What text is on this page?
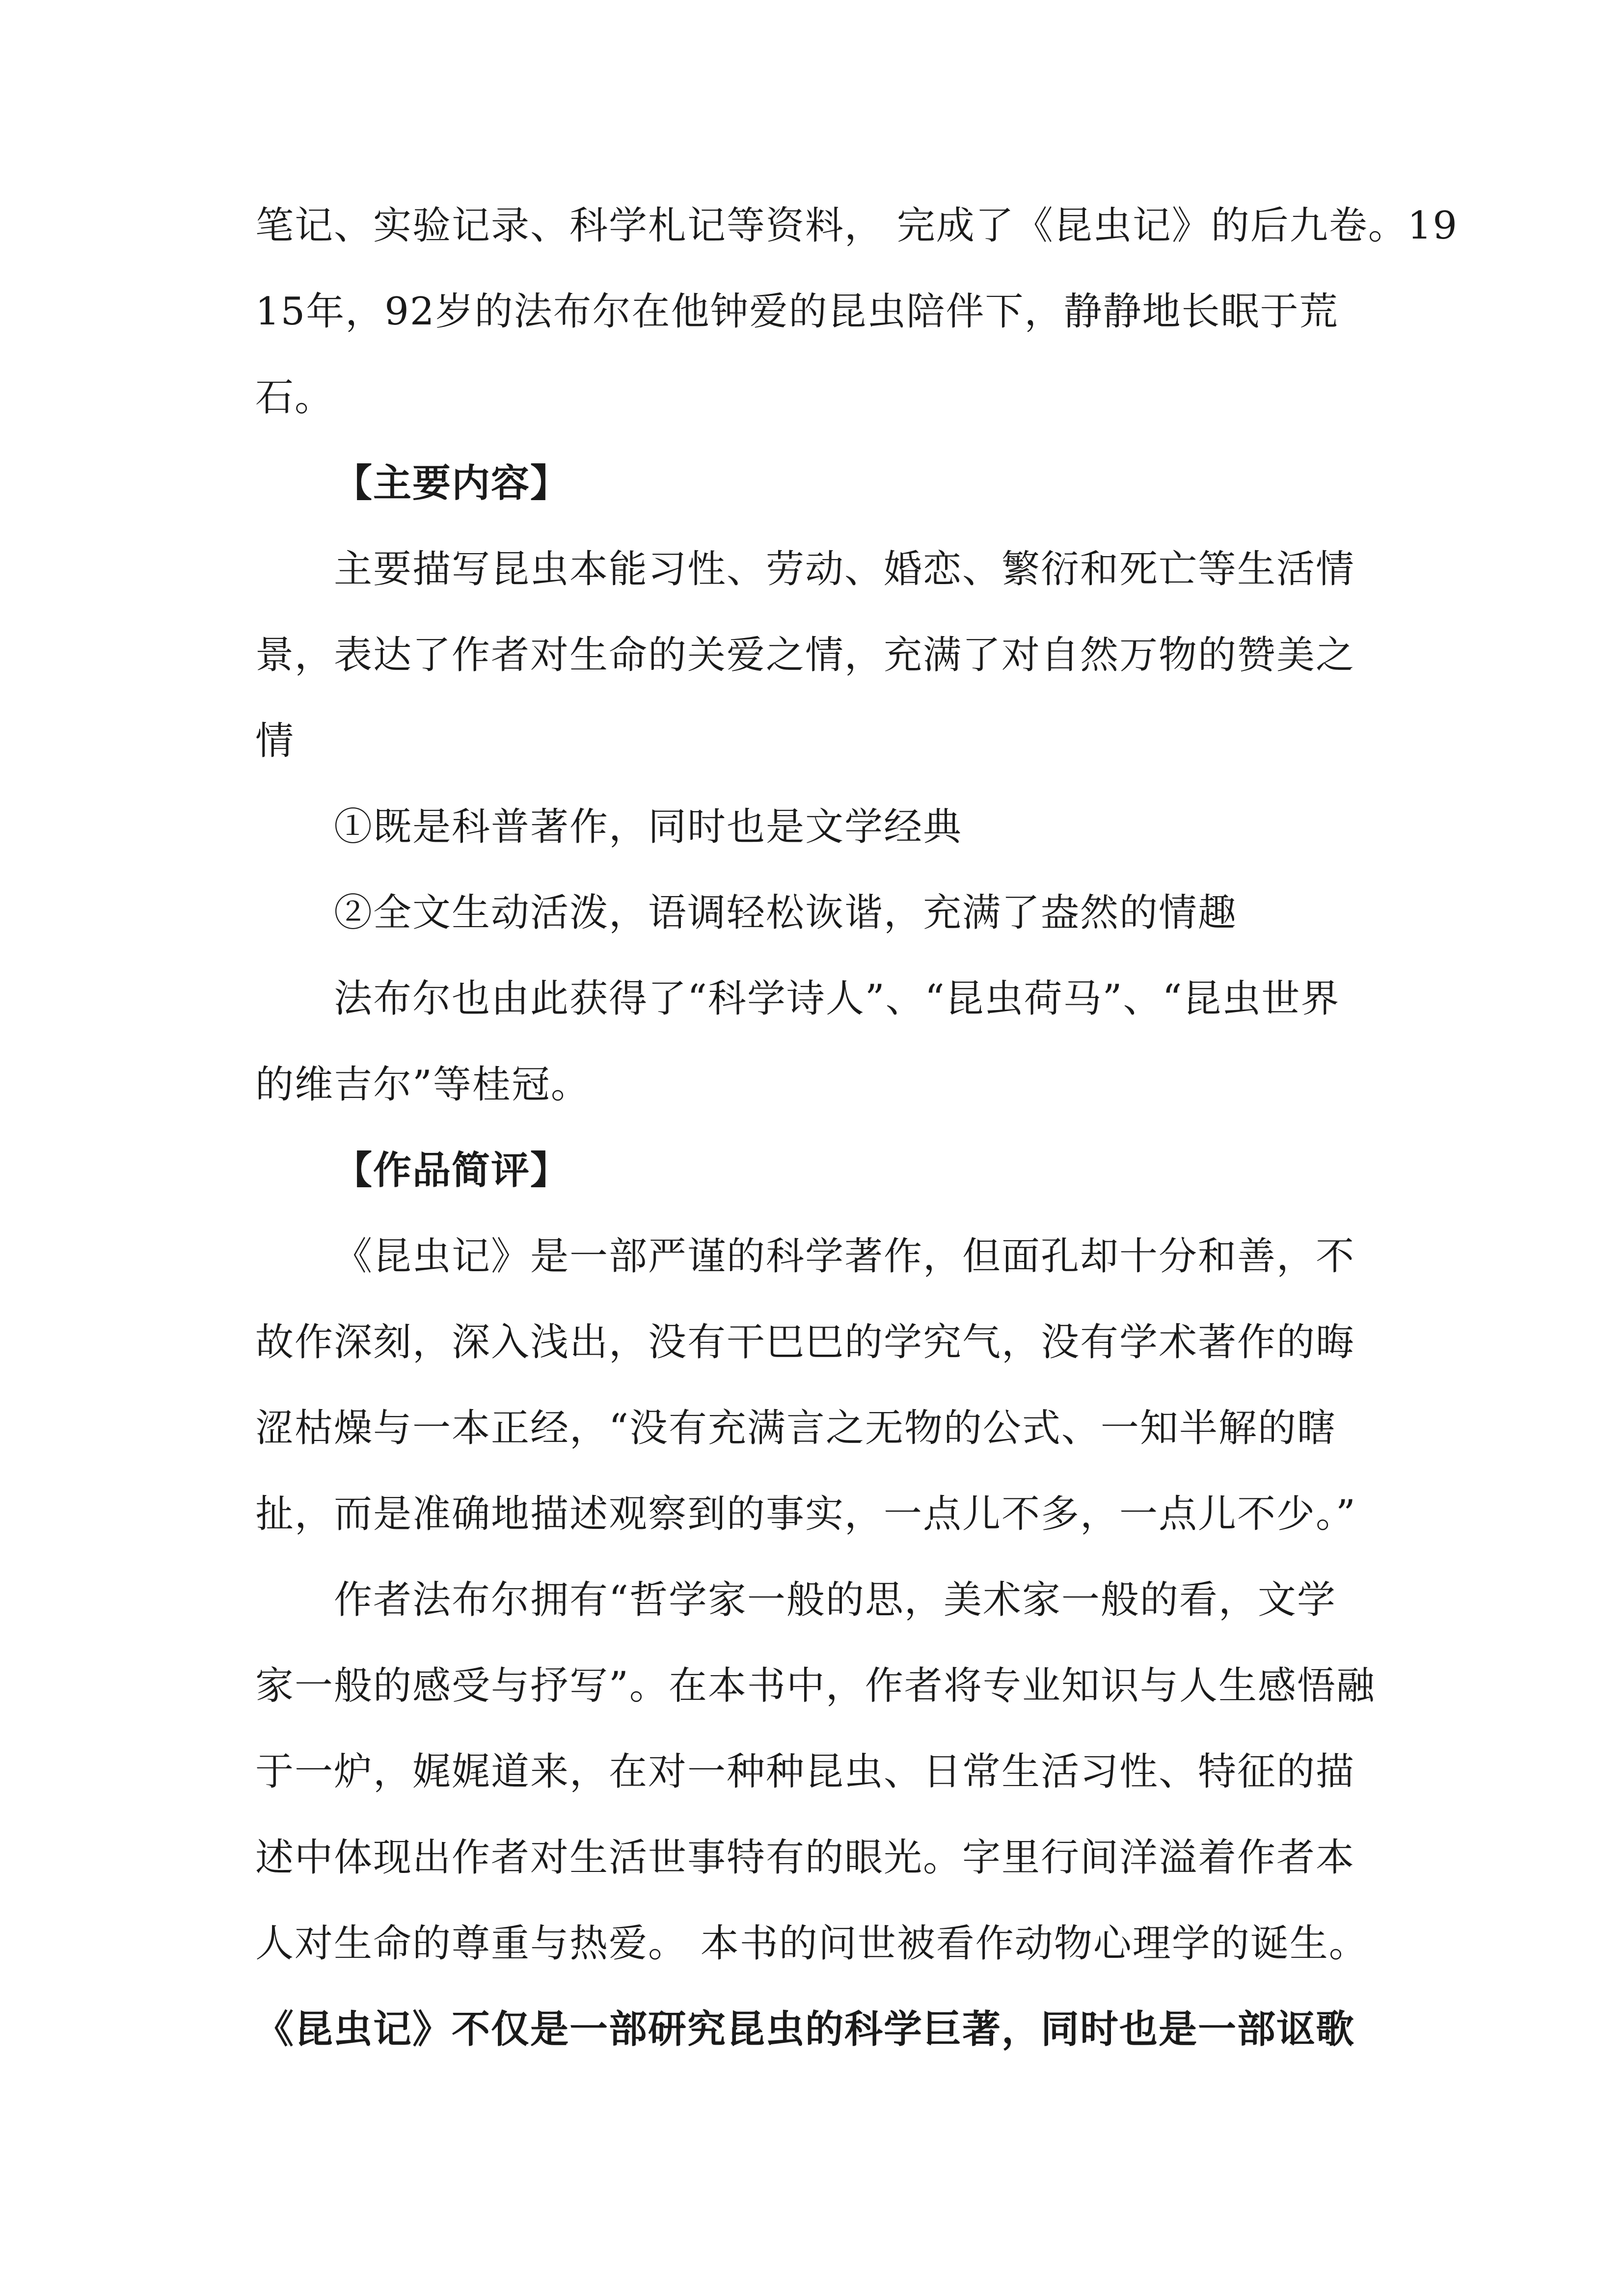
笔记、实验记录、科学札记等资料， 完成了《昆虫记》的后九卷。19
15年，92岁的法布尔在他钟爱的昆虫陪伴下，静静地长眠于荒
石。
【主要内容】
主要描写昆虫本能习性、劳动、婚恋、繁衍和死亡等生活情
景，表达了作者对生命的关爱之情，充满了对自然万物的赞美之
情
①既是科普著作，同时也是文学经典
②全文生动活泼，语调轻松诙谐，充满了盎然的情趣
法布尔也由此获得了“科学诗人”、“昆虫荷马”、“昆虫世界
的维吉尔”等桂冠。
【作品简评】
《昆虫记》是一部严谨的科学著作，但面孔却十分和善，不
故作深刻，深入浅出，没有干巴巴的学究气，没有学术著作的晦
涩枯燥与一本正经，“没有充满言之无物的公式、一知半解的瞎
扯，而是准确地描述观察到的事实，一点儿不多，一点儿不少。”
作者法布尔拥有“哲学家一般的思，美术家一般的看，文学
家一般的感受与抒写”。在本书中，作者将专业知识与人生感悟融
于一炉，娓娓道来，在对一种种昆虫、日常生活习性、特征的描
述中体现出作者对生活世事特有的眼光。字里行间洋溢着作者本
人对生命的尊重与热爱。 本书的问世被看作动物心理学的诞生。
《昆虫记》不仅是一部研究昆虫的科学巨著，同时也是一部讴歌
